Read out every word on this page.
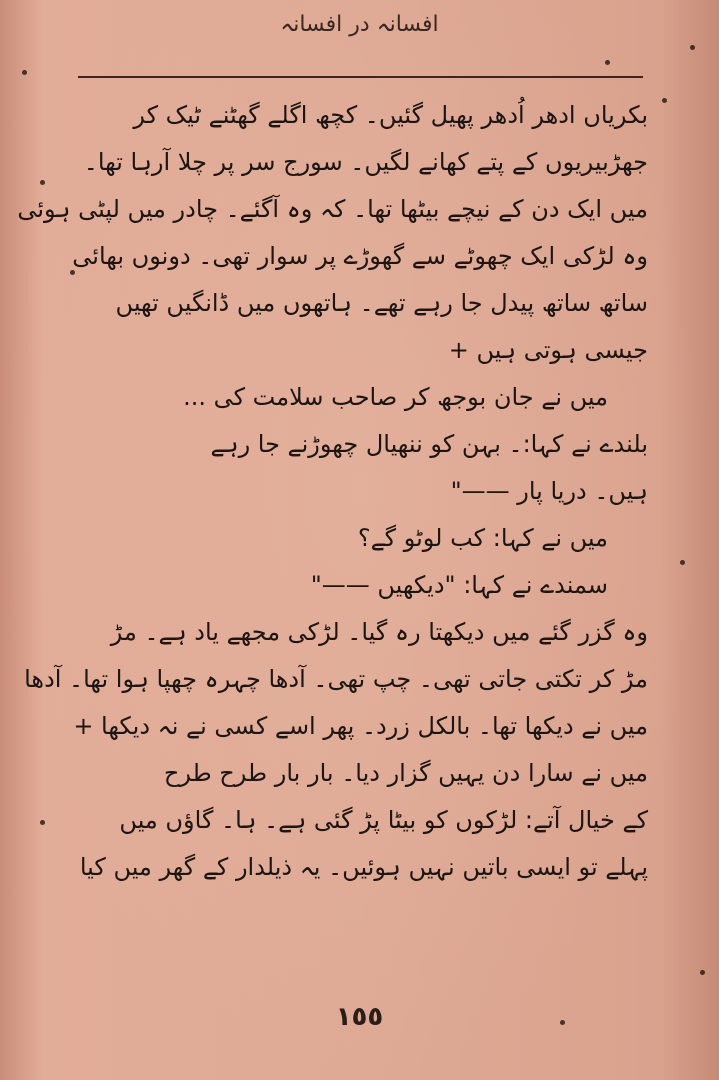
افسانہ در افسانہ
بکریاں ادھر اُدھر پھیل گئیں۔ کچھ اگلے گھٹنے ٹیک کر
جھڑبیریوں کے پتے کھانے لگیں۔ سورج سر پر چلا آرہا تھا۔
میں ایک دن کے نیچے بیٹھا تھا۔ کہ وہ آگئے۔ چادر میں لپٹی ہوئی
وہ لڑکی ایک چھوٹے سے گھوڑے پر سوار تھی۔ دونوں بھائی
ساتھ ساتھ پیدل جا رہے تھے۔ ہاتھوں میں ڈانگیں تھیں
جیسی ہوتی ہیں +
میں نے جان بوجھ کر صاحب سلامت کی ...
بلندے نے کہا:۔ بہن کو ننھیال چھوڑنے جا رہے
ہیں۔ دریا پار ——"
میں نے کہا: کب لوٹو گے؟
سمندے نے کہا: "دیکھیں ——"
وہ گزر گئے میں دیکھتا رہ گیا۔ لڑکی مجھے یاد ہے۔ مڑ
مڑ کر تکتی جاتی تھی۔ چپ تھی۔ آدھا چہرہ چھپا ہوا تھا۔ آدھا
میں نے دیکھا تھا۔ بالکل زرد۔ پھر اسے کسی نے نہ دیکھا +
میں نے سارا دن یہیں گزار دیا۔ بار بار طرح طرح
کے خیال آتے: لڑکوں کو بیٹا پڑ گئی ہے۔ ہا۔ گاؤں میں
پہلے تو ایسی باتیں نہیں ہوئیں۔ یہ ذیلدار کے گھر میں کیا
١٥٥
